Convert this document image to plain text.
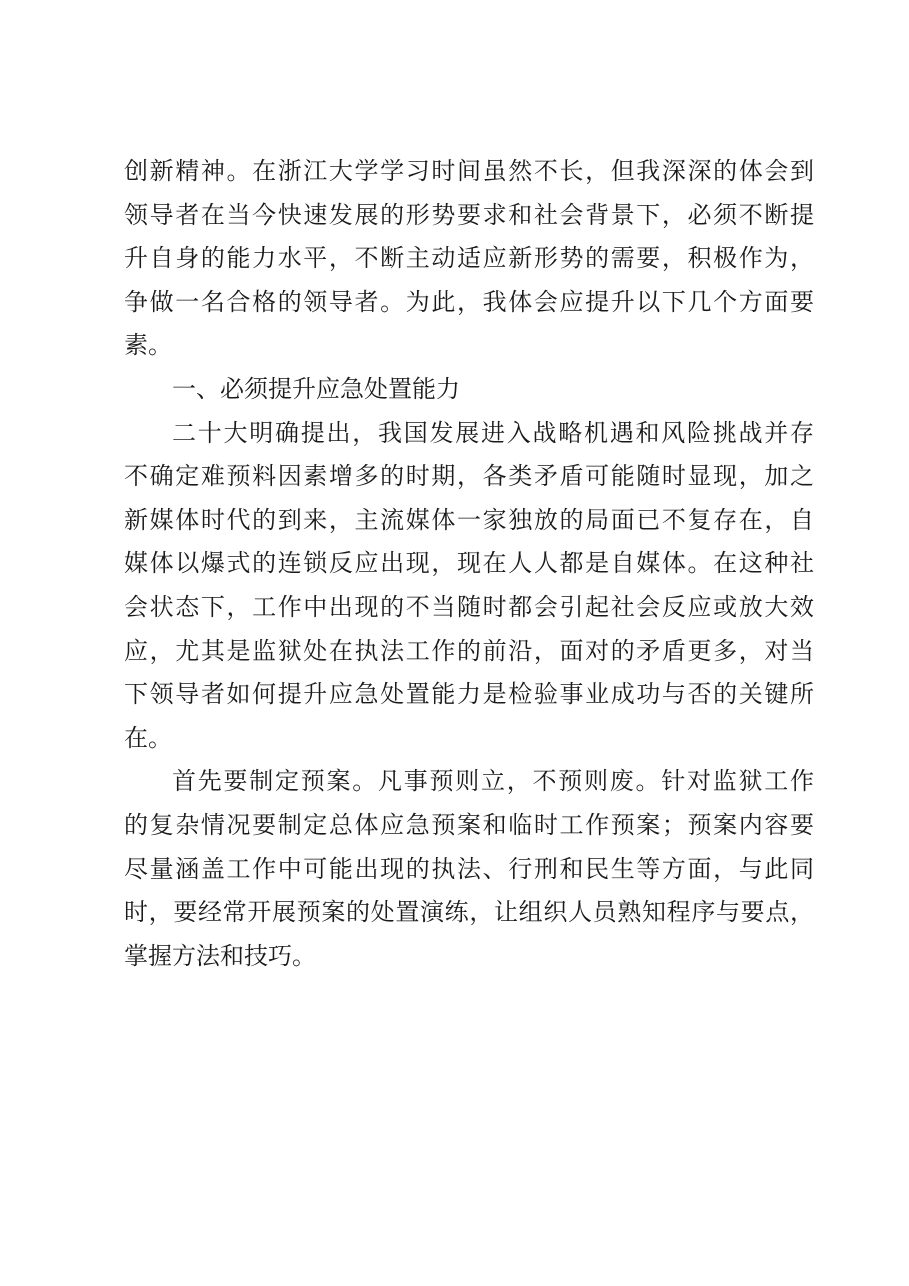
创新精神。在浙江大学学习时间虽然不长，但我深深的体会到
领导者在当今快速发展的形势要求和社会背景下，必须不断提
升自身的能力水平，不断主动适应新形势的需要，积极作为，
争做一名合格的领导者。为此，我体会应提升以下几个方面要
素。
一、必须提升应急处置能力
二十大明确提出，我国发展进入战略机遇和风险挑战并存
不确定难预料因素增多的时期，各类矛盾可能随时显现，加之
新媒体时代的到来，主流媒体一家独放的局面已不复存在，自
媒体以爆式的连锁反应出现，现在人人都是自媒体。在这种社
会状态下，工作中出现的不当随时都会引起社会反应或放大效
应，尤其是监狱处在执法工作的前沿，面对的矛盾更多，对当
下领导者如何提升应急处置能力是检验事业成功与否的关键所
在。
首先要制定预案。凡事预则立，不预则废。针对监狱工作
的复杂情况要制定总体应急预案和临时工作预案；预案内容要
尽量涵盖工作中可能出现的执法、行刑和民生等方面，与此同
时，要经常开展预案的处置演练，让组织人员熟知程序与要点，
掌握方法和技巧。
